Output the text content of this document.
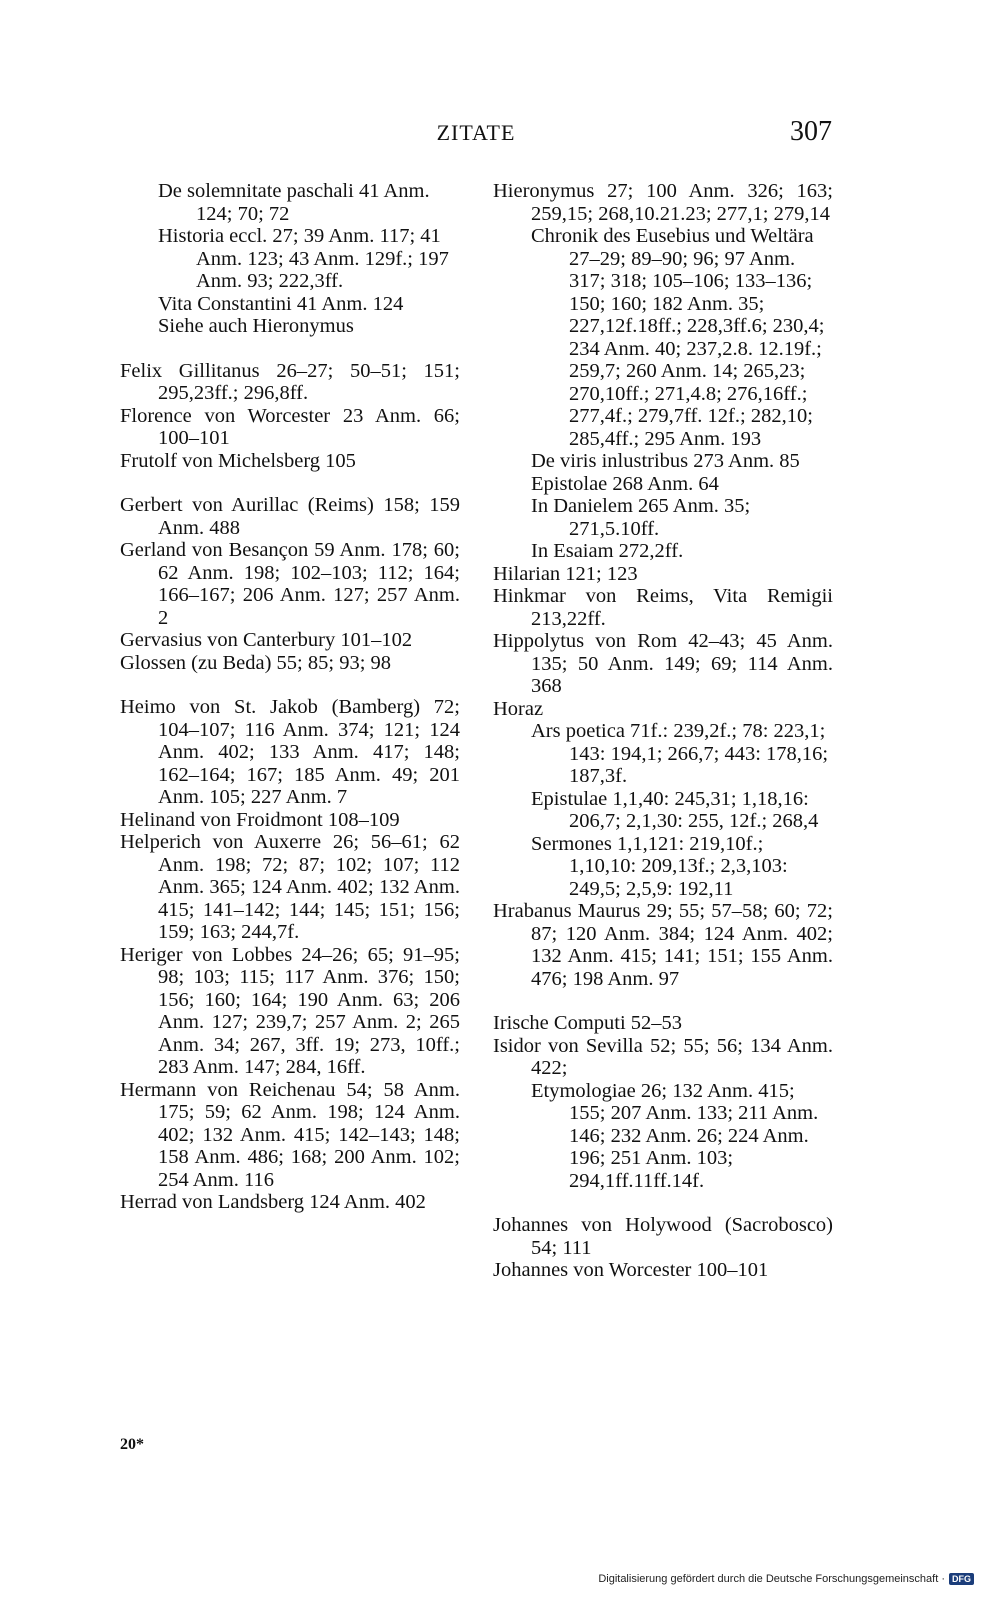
ZITATE	307
De solemnitate paschali 41 Anm. 124; 70; 72
Historia eccl. 27; 39 Anm. 117; 41 Anm. 123; 43 Anm. 129f.; 197 Anm. 93; 222,3ff.
Vita Constantini 41 Anm. 124
Siehe auch Hieronymus
Felix Gillitanus 26–27; 50–51; 151; 295,23ff.; 296,8ff.
Florence von Worcester 23 Anm. 66; 100–101
Frutolf von Michelsberg 105
Gerbert von Aurillac (Reims) 158; 159 Anm. 488
Gerland von Besançon 59 Anm. 178; 60; 62 Anm. 198; 102–103; 112; 164; 166–167; 206 Anm. 127; 257 Anm. 2
Gervasius von Canterbury 101–102
Glossen (zu Beda) 55; 85; 93; 98
Heimo von St. Jakob (Bamberg) 72; 104–107; 116 Anm. 374; 121; 124 Anm. 402; 133 Anm. 417; 148; 162–164; 167; 185 Anm. 49; 201 Anm. 105; 227 Anm. 7
Helinand von Froidmont 108–109
Helperich von Auxerre 26; 56–61; 62 Anm. 198; 72; 87; 102; 107; 112 Anm. 365; 124 Anm. 402; 132 Anm. 415; 141–142; 144; 145; 151; 156; 159; 163; 244,7f.
Heriger von Lobbes 24–26; 65; 91–95; 98; 103; 115; 117 Anm. 376; 150; 156; 160; 164; 190 Anm. 63; 206 Anm. 127; 239,7; 257 Anm. 2; 265 Anm. 34; 267, 3ff. 19; 273, 10ff.; 283 Anm. 147; 284, 16ff.
Hermann von Reichenau 54; 58 Anm. 175; 59; 62 Anm. 198; 124 Anm. 402; 132 Anm. 415; 142–143; 148; 158 Anm. 486; 168; 200 Anm. 102; 254 Anm. 116
Herrad von Landsberg 124 Anm. 402
Hieronymus 27; 100 Anm. 326; 163; 259,15; 268,10.21.23; 277,1; 279,14
Chronik des Eusebius und Weltära 27–29; 89–90; 96; 97 Anm. 317; 318; 105–106; 133–136; 150; 160; 182 Anm. 35; 227,12f.18ff.; 228,3ff.6; 230,4; 234 Anm. 40; 237,2.8. 12.19f.; 259,7; 260 Anm. 14; 265,23; 270,10ff.; 271,4.8; 276,16ff.; 277,4f.; 279,7ff. 12f.; 282,10; 285,4ff.; 295 Anm. 193
De viris inlustribus 273 Anm. 85
Epistolae 268 Anm. 64
In Danielem 265 Anm. 35; 271,5.10ff.
In Esaiam 272,2ff.
Hilarian 121; 123
Hinkmar von Reims, Vita Remigii 213,22ff.
Hippolytus von Rom 42–43; 45 Anm. 135; 50 Anm. 149; 69; 114 Anm. 368
Horaz
Ars poetica 71f.: 239,2f.; 78: 223,1; 143: 194,1; 266,7; 443: 178,16; 187,3f.
Epistulae 1,1,40: 245,31; 1,18,16: 206,7; 2,1,30: 255, 12f.; 268,4
Sermones 1,1,121: 219,10f.; 1,10,10: 209,13f.; 2,3,103: 249,5; 2,5,9: 192,11
Hrabanus Maurus 29; 55; 57–58; 60; 72; 87; 120 Anm. 384; 124 Anm. 402; 132 Anm. 415; 141; 151; 155 Anm. 476; 198 Anm. 97
Irische Computi 52–53
Isidor von Sevilla 52; 55; 56; 134 Anm. 422;
Etymologiae 26; 132 Anm. 415; 155; 207 Anm. 133; 211 Anm. 146; 232 Anm. 26; 224 Anm. 196; 251 Anm. 103; 294,1ff.11ff.14f.
Johannes von Holywood (Sacrobosco) 54; 111
Johannes von Worcester 100–101
20*
Digitalisierung gefördert durch die Deutsche Forschungsgemeinschaft · DFG
